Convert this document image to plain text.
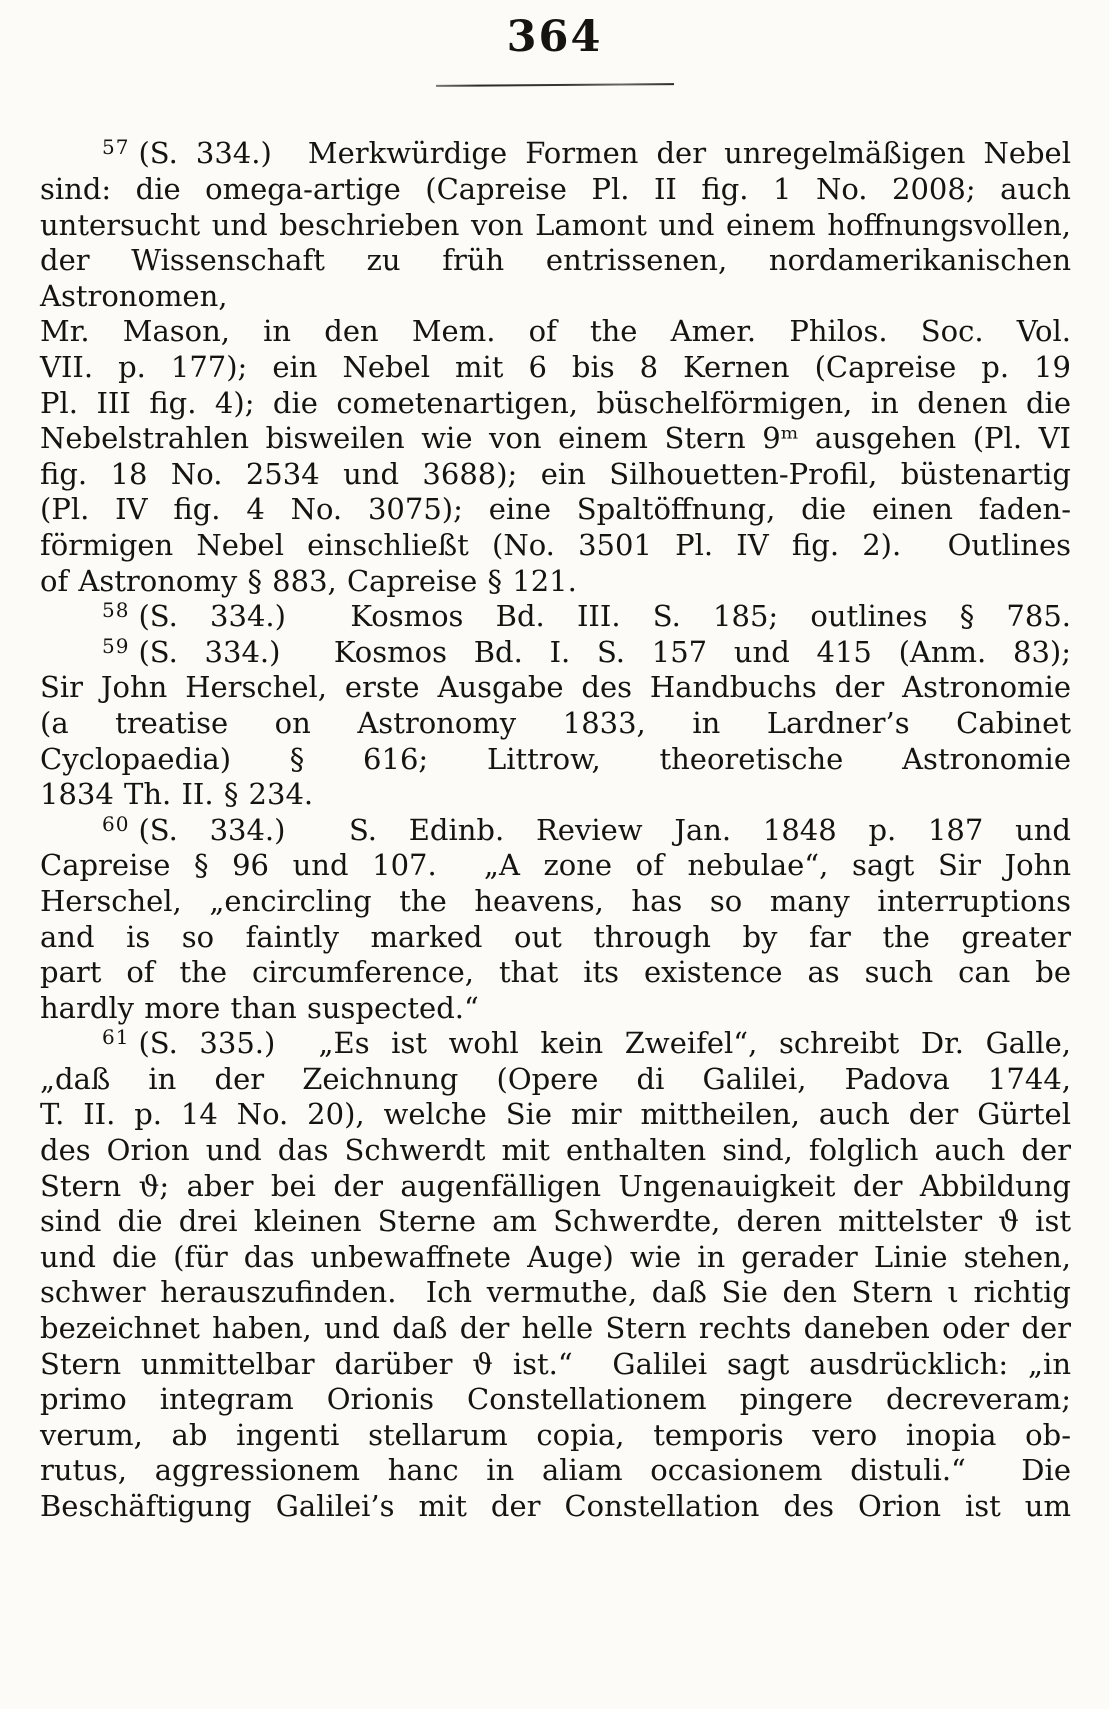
364
$^{57}$ (S. 334.)  Merkwürdige Formen der unregelmäßigen Nebel
sind: die omega-artige (Capreise Pl. II fig. 1 No. 2008; auch
untersucht und beschrieben von Lamont und einem hoffnungsvollen,
der Wissenschaft zu früh entrissenen, nordamerikanischen Astronomen,
Mr. Mason, in den Mem. of the Amer. Philos. Soc. Vol.
VII. p. 177); ein Nebel mit 6 bis 8 Kernen (Capreise p. 19
Pl. III fig. 4); die cometenartigen, büschelförmigen, in denen die
Nebelstrahlen bisweilen wie von einem Stern 9ᵐ ausgehen (Pl. VI
fig. 18 No. 2534 und 3688); ein Silhouetten-Profil, büstenartig
(Pl. IV fig. 4 No. 3075); eine Spaltöffnung, die einen faden-
förmigen Nebel einschließt (No. 3501 Pl. IV fig. 2).  Outlines
of Astronomy § 883, Capreise § 121.
$^{58}$ (S. 334.)  Kosmos Bd. III. S. 185; outlines § 785.
$^{59}$ (S. 334.)  Kosmos Bd. I. S. 157 und 415 (Anm. 83);
Sir John Herschel, erste Ausgabe des Handbuchs der Astronomie
(a treatise on Astronomy 1833, in Lardner’s Cabinet
Cyclopaedia) § 616; Littrow, theoretische Astronomie
1834 Th. II. § 234.
$^{60}$ (S. 334.)  S. Edinb. Review Jan. 1848 p. 187 und
Capreise § 96 und 107.  „A zone of nebulae“, sagt Sir John
Herschel, „encircling the heavens, has so many interruptions
and is so faintly marked out through by far the greater
part of the circumference, that its existence as such can be
hardly more than suspected.“
$^{61}$ (S. 335.)  „Es ist wohl kein Zweifel“, schreibt Dr. Galle,
„daß in der Zeichnung (Opere di Galilei, Padova 1744,
T. II. p. 14 No. 20), welche Sie mir mittheilen, auch der Gürtel
des Orion und das Schwerdt mit enthalten sind, folglich auch der
Stern ϑ; aber bei der augenfälligen Ungenauigkeit der Abbildung
sind die drei kleinen Sterne am Schwerdte, deren mittelster ϑ ist
und die (für das unbewaffnete Auge) wie in gerader Linie stehen,
schwer herauszufinden.  Ich vermuthe, daß Sie den Stern ι richtig
bezeichnet haben, und daß der helle Stern rechts daneben oder der
Stern unmittelbar darüber ϑ ist.“  Galilei sagt ausdrücklich: „in
primo integram Orionis Constellationem pingere decreveram;
verum, ab ingenti stellarum copia, temporis vero inopia ob-
rutus, aggressionem hanc in aliam occasionem distuli.“  Die
Beschäftigung Galilei’s mit der Constellation des Orion ist um
